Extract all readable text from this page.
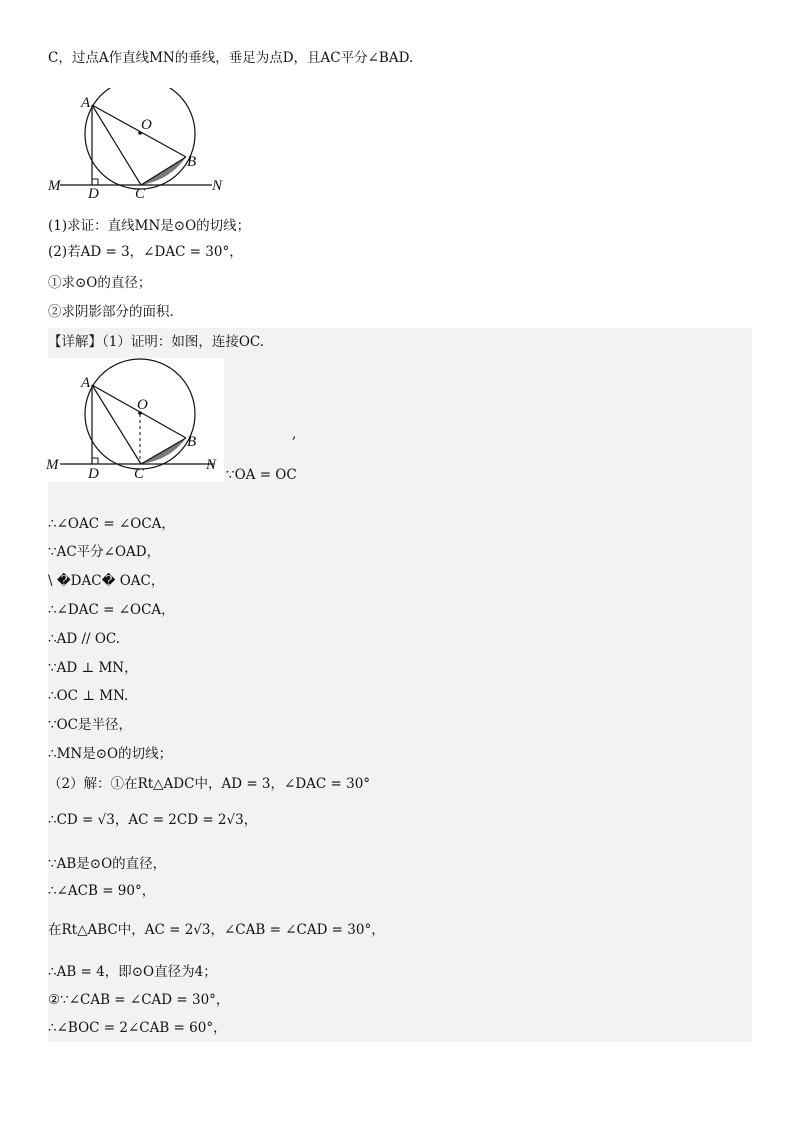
C，过点A作直线MN的垂线，垂足为点D，且AC平分∠BAD.
A
O
B
M D C	N
(1)求证：直线MN是⊙O的切线；
(2)若AD = 3，∠DAC = 30°，
①求⊙O的直径；
②求阴影部分的面积.
【详解】（1）证明：如图，连接OC.
A
O
B
M
D C
N
,
∵OA = OC
∴∠OAC = ∠OCA，
∵AC平分∠OAD，
\ �DAC� OAC，
∴∠DAC = ∠OCA，
∴AD // OC.
∵AD ⊥ MN，
∴OC ⊥ MN.
∵OC是半径，
∴MN是⊙O的切线；
（2）解：①在Rt△ADC中，AD = 3，∠DAC = 30°
∴CD = √3，AC = 2CD = 2√3，
∵AB是⊙O的直径，
∴∠ACB = 90°，
在Rt△ABC中，AC = 2√3，∠CAB = ∠CAD = 30°，
∴AB = 4，即⊙O直径为4；
②∵∠CAB = ∠CAD = 30°，
∴∠BOC = 2∠CAB = 60°，
